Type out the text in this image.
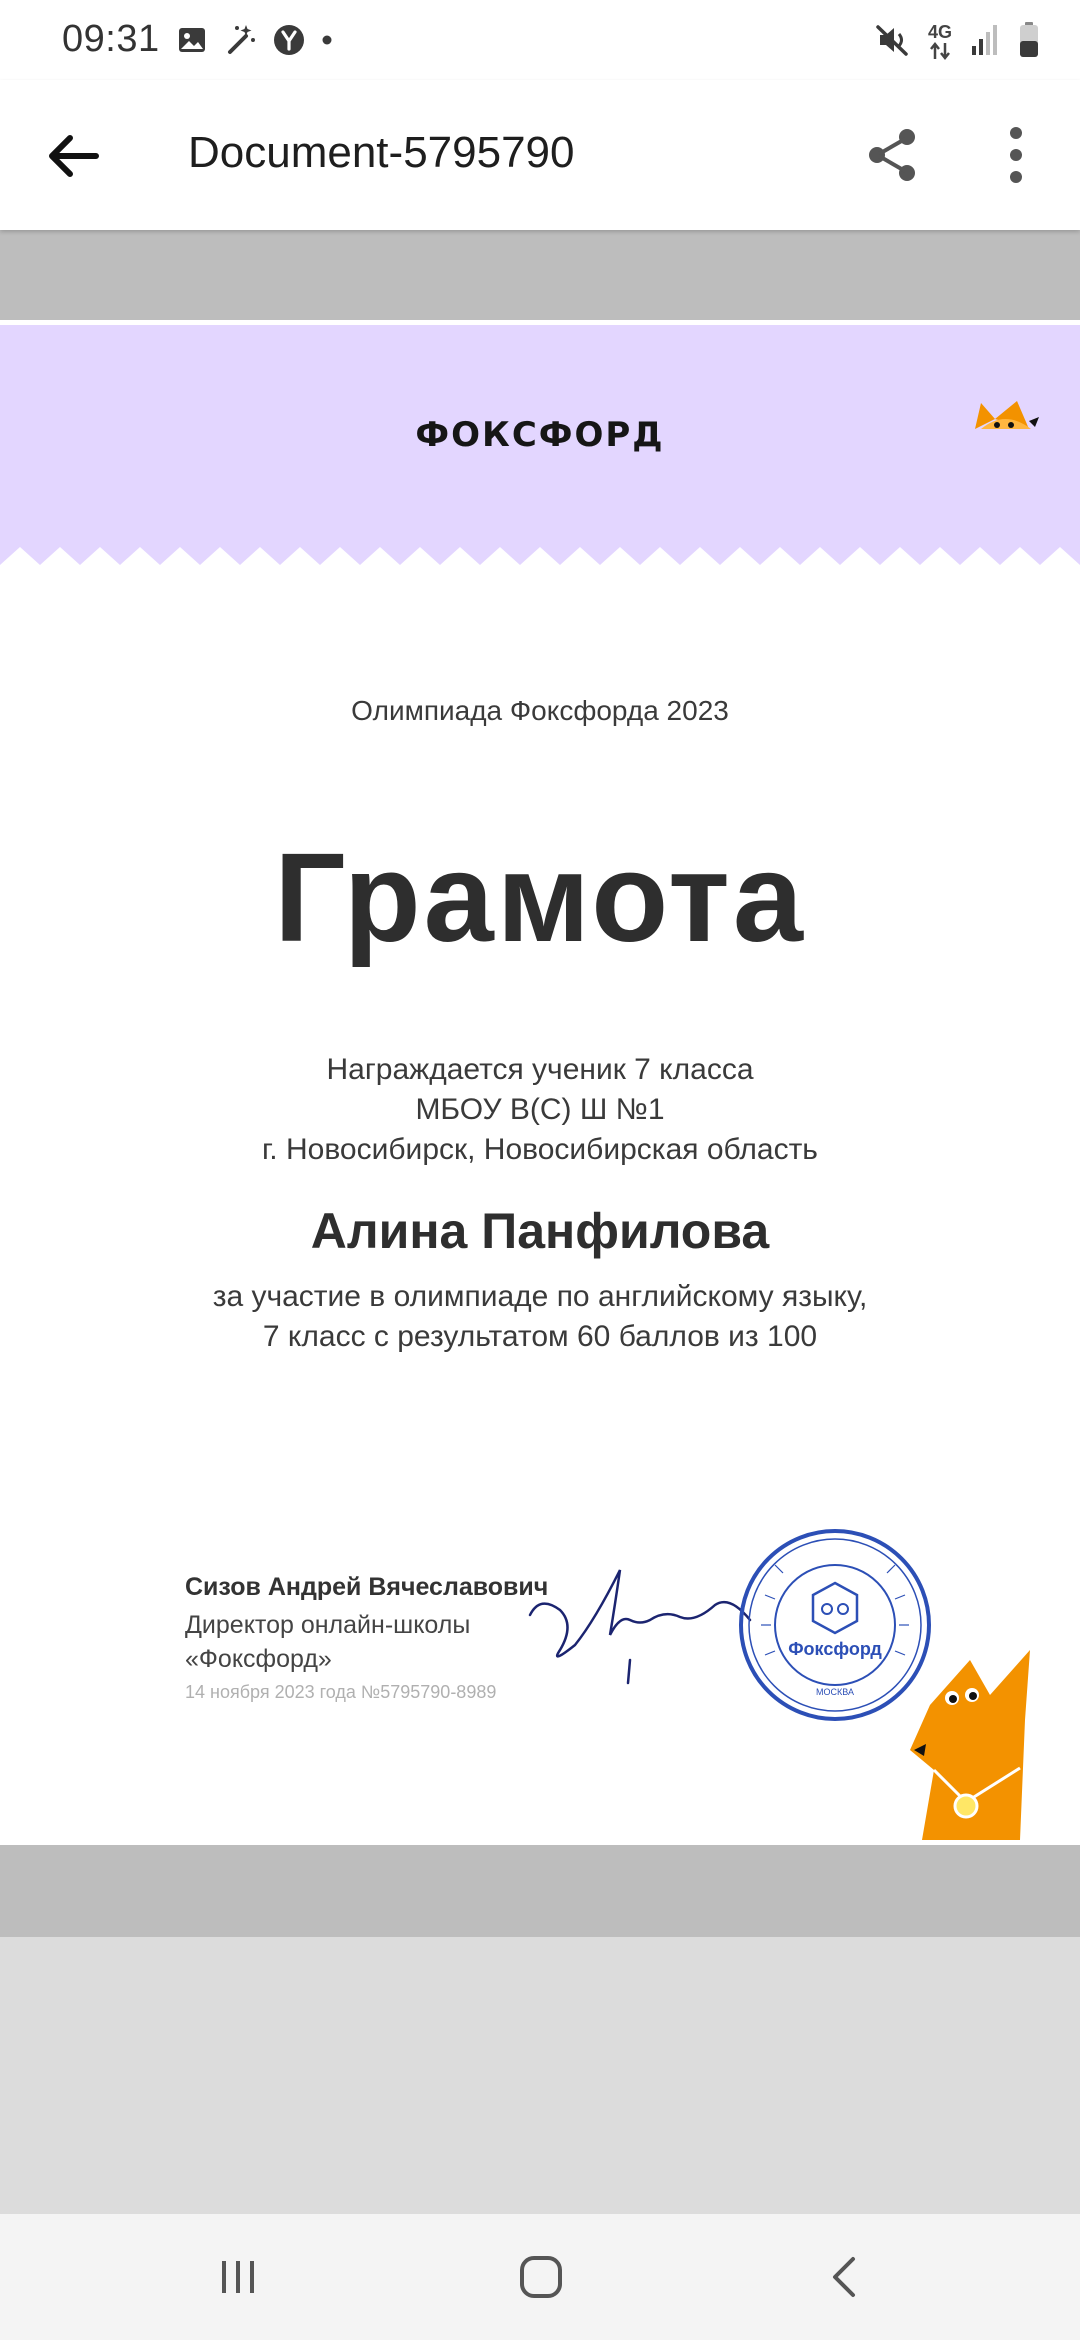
09:31	4G
Document-5795790
ФОКСФОРД
Олимпиада Фоксфорда 2023
Грамота
Награждается ученик 7 класса
МБОУ В(С) Ш №1
г. Новосибирск, Новосибирская область
Алина Панфилова
за участие в олимпиаде по английскому языку,
7 класс с результатом 60 баллов из 100
Сизов Андрей Вячеславович
Директор онлайн-школы
«Фоксфорд»
14 ноября 2023 года №5795790-8989
Фоксфорд
МОСКВА
